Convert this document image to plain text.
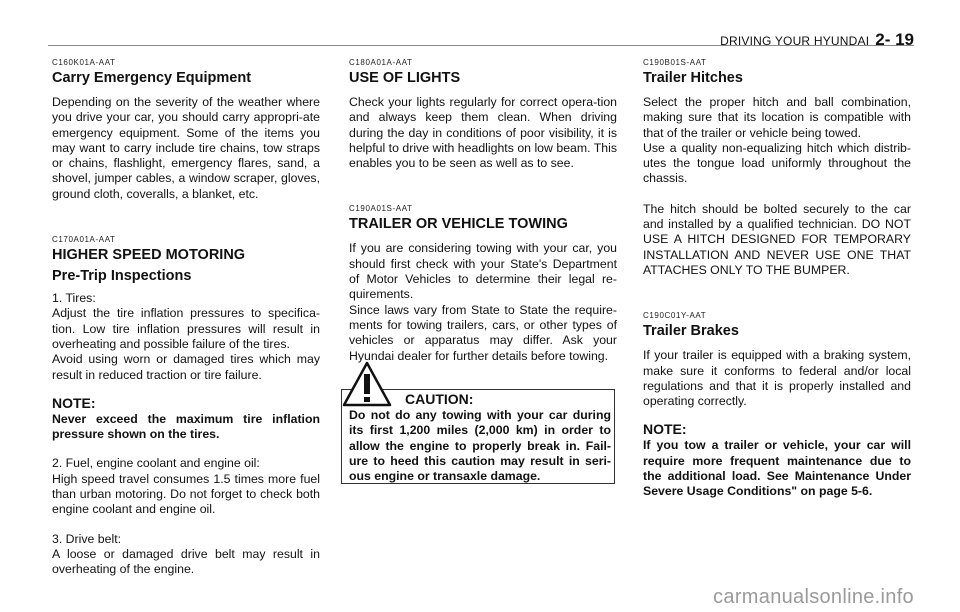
DRIVING YOUR HYUNDAI 2- 19
C160K01A-AAT
Carry Emergency Equipment

Depending on the severity of the weather where you drive your car, you should carry appropri-ate emergency equipment. Some of the items you may want to carry include tire chains, tow straps or chains, flashlight, emergency flares, sand, a shovel, jumper cables, a window scraper, gloves, ground cloth, coveralls, a blanket, etc.

C170A01A-AAT
HIGHER SPEED MOTORING
Pre-Trip Inspections

1. Tires:
Adjust the tire inflation pressures to specifica-tion. Low tire inflation pressures will result in overheating and possible failure of the tires.
Avoid using worn or damaged tires which may result in reduced traction or tire failure.

NOTE:

Never exceed the maximum tire inflation pressure shown on the tires.

2. Fuel, engine coolant and engine oil:
High speed travel consumes 1.5 times more fuel than urban motoring. Do not forget to check both engine coolant and engine oil.

3. Drive belt:
A loose or damaged drive belt may result in overheating of the engine.

C180A01A-AAT
USE OF LIGHTS

Check your lights regularly for correct opera-tion and always keep them clean. When driving during the day in conditions of poor visibility, it is helpful to drive with headlights on low beam. This enables you to be seen as well as to see.

C190A01S-AAT
TRAILER OR VEHICLE TOWING

If you are considering towing with your car, you should first check with your State's Department of Motor Vehicles to determine their legal re-quirements.
Since laws vary from State to State the require-ments for towing trailers, cars, or other types of vehicles or apparatus may differ. Ask your Hyundai dealer for further details before towing.

CAUTION:

Do not do any towing with your car during its first 1,200 miles (2,000 km) in order to allow the engine to properly break in. Fail-ure to heed this caution may result in seri-ous engine or transaxle damage.

C190B01S-AAT
Trailer Hitches

Select the proper hitch and ball combination, making sure that its location is compatible with that of the trailer or vehicle being towed.
Use a quality non-equalizing hitch which distrib-utes the tongue load uniformly throughout the chassis.

The hitch should be bolted securely to the car and installed by a qualified technician. DO NOT USE A HITCH DESIGNED FOR TEMPORARY INSTALLATION AND NEVER USE ONE THAT ATTACHES ONLY TO THE BUMPER.

C190C01Y-AAT
Trailer Brakes

If your trailer is equipped with a braking system, make sure it conforms to federal and/or local regulations and that it is properly installed and operating correctly.

NOTE:

If you tow a trailer or vehicle, your car will require more frequent maintenance due to the additional load. See Maintenance Under Severe Usage Conditions" on page 5-6.

carmanualsonline.info
